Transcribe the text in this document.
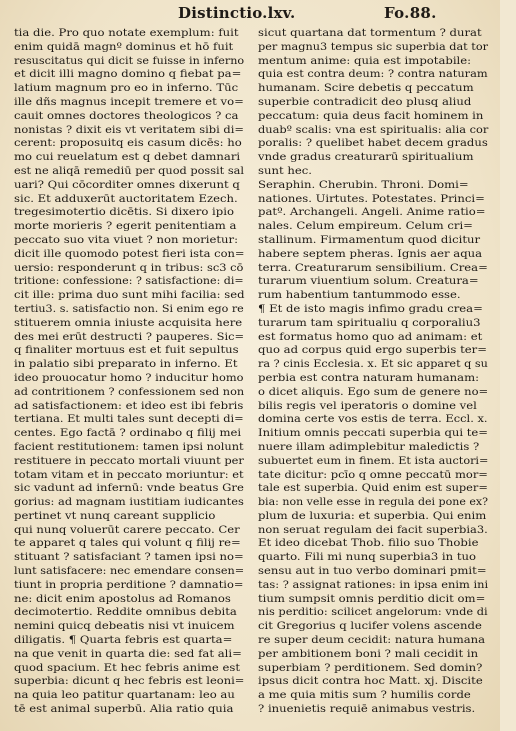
Distinctio.lxv.	Fo.88.
tia die. Pro quo notate exemplum: fuit
enim quidā magnº dominus et hō fuit
resuscitatus qui dicit se fuisse in inferno
et dicit illi magno domino q fiebat pa=
latium magnum pro eo in inferno. Tūc
ille dñs magnus incepit tremere et vo=
cauit omnes doctores theologicos ? ca
nonistas ? dixit eis vt veritatem sibi di=
cerent: proposuitq eis casum dicēs: ho
mo cui reuelatum est q debet damnari
est ne aliqā remediū per quod possit sal
uari? Qui cōcorditer omnes dixerunt q
sic. Et adduxerūt auctoritatem Ezech.
tregesimotertio dicētis. Si dixero ipio
morte morieris ? egerit penitentiam a
peccato suo vita viuet ? non morietur:
dicit ille quomodo potest fieri ista con=
uersio: responderunt q in tribus: sc3 cō
tritione: confessione: ? satisfactione: di=
cit ille: prima duo sunt mihi facilia: sed
tertiu3. s. satisfactio non. Si enim ego re
stituerem omnia iniuste acquisita here
des mei erūt destructi ? pauperes. Sic=
q finaliter mortuus est et fuit sepultus
in palatio sibi preparato in inferno. Et
ideo prouocatur homo ? inducitur homo
ad contritionem ? confessionem sed non
ad satisfactionem: et ideo est ibi febris
tertiana. Et multi tales sunt decepti di=
centes. Ego factā ? ordinabo q filij mei
facient restitutionem: tamen ipsi nolunt
restituere in peccato mortali viuunt per
totam vitam et in peccato moriuntur: et
sic vadunt ad infernū: vnde beatus Gre
gorius: ad magnam iustitiam iudicantes
pertinet vt nunq careant supplicio
qui nunq voluerūt carere peccato. Cer
te apparet q tales qui volunt q filij re=
stituant ? satisfaciant ? tamen ipsi no=
lunt satisfacere: nec emendare consen=
tiunt in propria perditione ? damnatio=
ne: dicit enim apostolus ad Romanos
decimotertio. Reddite omnibus debita
nemini quicq debeatis nisi vt inuicem
diligatis. ¶ Quarta febris est quarta=
na que venit in quarta die: sed fat ali=
quod spacium. Et hec febris anime est
superbia: dicunt q hec febris est leoni=
na quia leo patitur quartanam: leo au
tē est animal superbū. Alia ratio quia
sicut quartana dat tormentum ? durat
per magnu3 tempus sic superbia dat tor
mentum anime: quia est impotabile:
quia est contra deum: ? contra naturam
humanam. Scire debetis q peccatum
superbie contradicit deo plusq aliud
peccatum: quia deus facit hominem in
duabº scalis: vna est spiritualis: alia cor
poralis: ? quelibet habet decem gradus
vnde gradus creaturarū spiritualium
sunt hec.
Seraphin. Cherubin. Throni. Domi=
nationes. Uirtutes. Potestates. Princi=
patº. Archangeli. Angeli. Anime ratio=
nales. Celum empireum. Celum cri=
stallinum. Firmamentum quod dicitur
habere septem pheras. Ignis aer aqua
terra. Creaturarum sensibilium. Crea=
turarum viuentium solum. Creatura=
rum habentium tantummodo esse.
¶ Et de isto magis infimo gradu crea=
turarum tam spiritualiu q corporaliu3
est formatus homo quo ad animam: et
quo ad corpus quid ergo superbis ter=
ra ? cinis Ecclesia. x. Et sic apparet q su
perbia est contra naturam humanam:
o dicet aliquis. Ego sum de genere no=
bilis regis vel iperatoris o domine vel
domina certe vos estis de terra. Eccl. x.
Initium omnis peccati superbia qui te=
nuere illam adimplebitur maledictis ?
subuertet eum in finem. Et ista auctori=
tate dicitur: pcīo q omne peccatū mor=
tale est superbia. Quid enim est super=
bia: non velle esse in regula dei pone ex?
plum de luxuria: et superbia. Qui enim
non seruat regulam dei facit superbia3.
Et ideo dicebat Thob. filio suo Thobie
quarto. Fili mi nunq superbia3 in tuo
sensu aut in tuo verbo dominari pmit=
tas: ? assignat rationes: in ipsa enim ini
tium sumpsit omnis perditio dicit om=
nis perditio: scilicet angelorum: vnde di
cit Gregorius q lucifer volens ascende
re super deum cecidit: natura humana
per ambitionem boni ? mali cecidit in
superbiam ? perditionem. Sed domin?
ipsus dicit contra hoc Matt. xj. Discite
a me quia mitis sum ? humilis corde
? inuenietis requiē animabus vestris.
